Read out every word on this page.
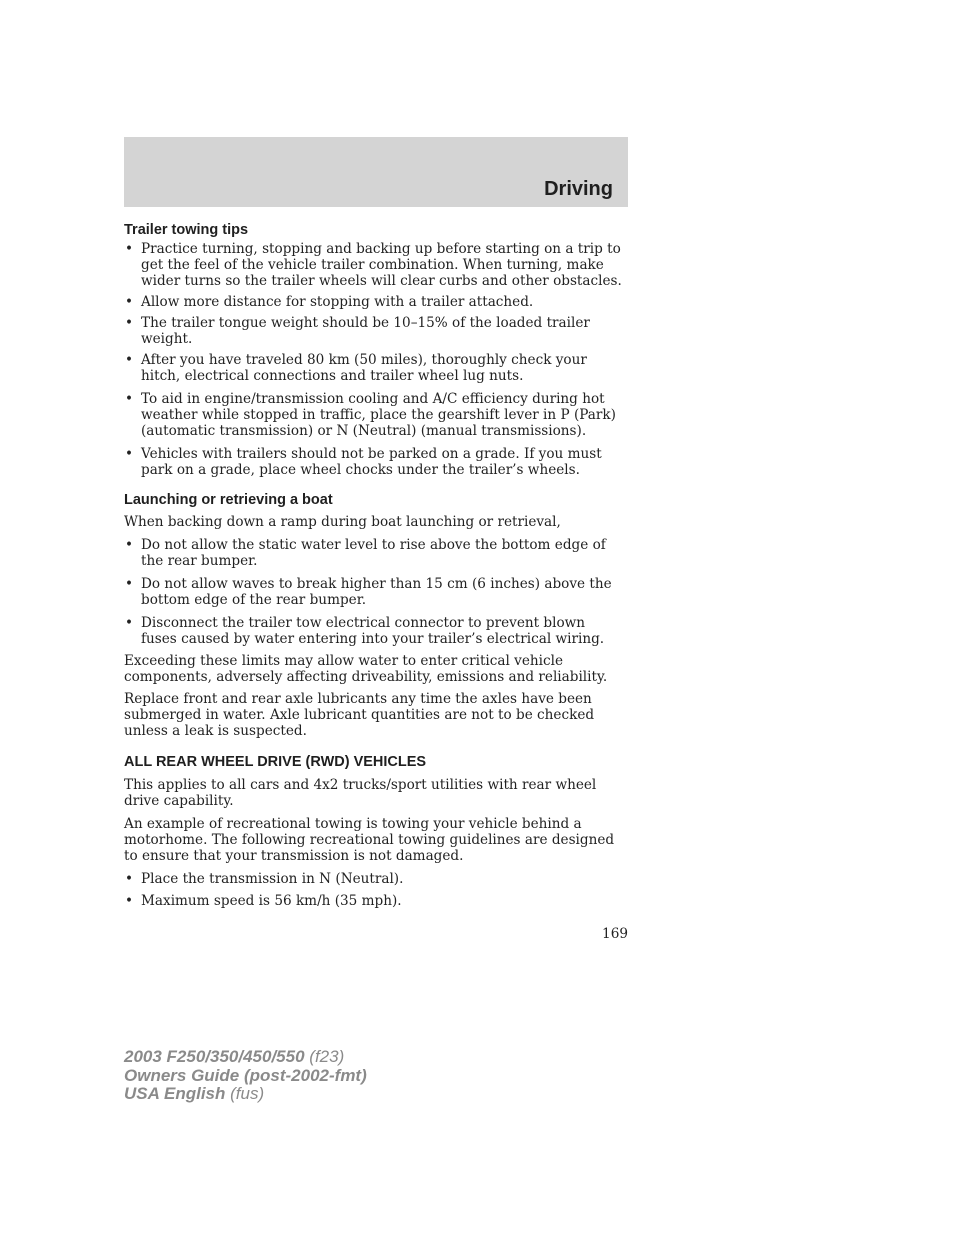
Driving
Trailer towing tips
• Practice turning, stopping and backing up before starting on a trip to get the feel of the vehicle trailer combination. When turning, make wider turns so the trailer wheels will clear curbs and other obstacles.
• Allow more distance for stopping with a trailer attached.
• The trailer tongue weight should be 10–15% of the loaded trailer weight.
• After you have traveled 80 km (50 miles), thoroughly check your hitch, electrical connections and trailer wheel lug nuts.
• To aid in engine/transmission cooling and A/C efficiency during hot weather while stopped in traffic, place the gearshift lever in P (Park) (automatic transmission) or N (Neutral) (manual transmissions).
• Vehicles with trailers should not be parked on a grade. If you must park on a grade, place wheel chocks under the trailer’s wheels.
Launching or retrieving a boat

When backing down a ramp during boat launching or retrieval,

• Do not allow the static water level to rise above the bottom edge of the rear bumper.
• Do not allow waves to break higher than 15 cm (6 inches) above the bottom edge of the rear bumper.
• Disconnect the trailer tow electrical connector to prevent blown fuses caused by water entering into your trailer’s electrical wiring.

Exceeding these limits may allow water to enter critical vehicle components, adversely affecting driveability, emissions and reliability.

Replace front and rear axle lubricants any time the axles have been submerged in water. Axle lubricant quantities are not to be checked unless a leak is suspected.

ALL REAR WHEEL DRIVE (RWD) VEHICLES

This applies to all cars and 4x2 trucks/sport utilities with rear wheel drive capability.

An example of recreational towing is towing your vehicle behind a motorhome. The following recreational towing guidelines are designed to ensure that your transmission is not damaged.

• Place the transmission in N (Neutral).
• Maximum speed is 56 km/h (35 mph).
169
2003 F250/350/450/550 (f23)
Owners Guide (post-2002-fmt)
USA English (fus)
